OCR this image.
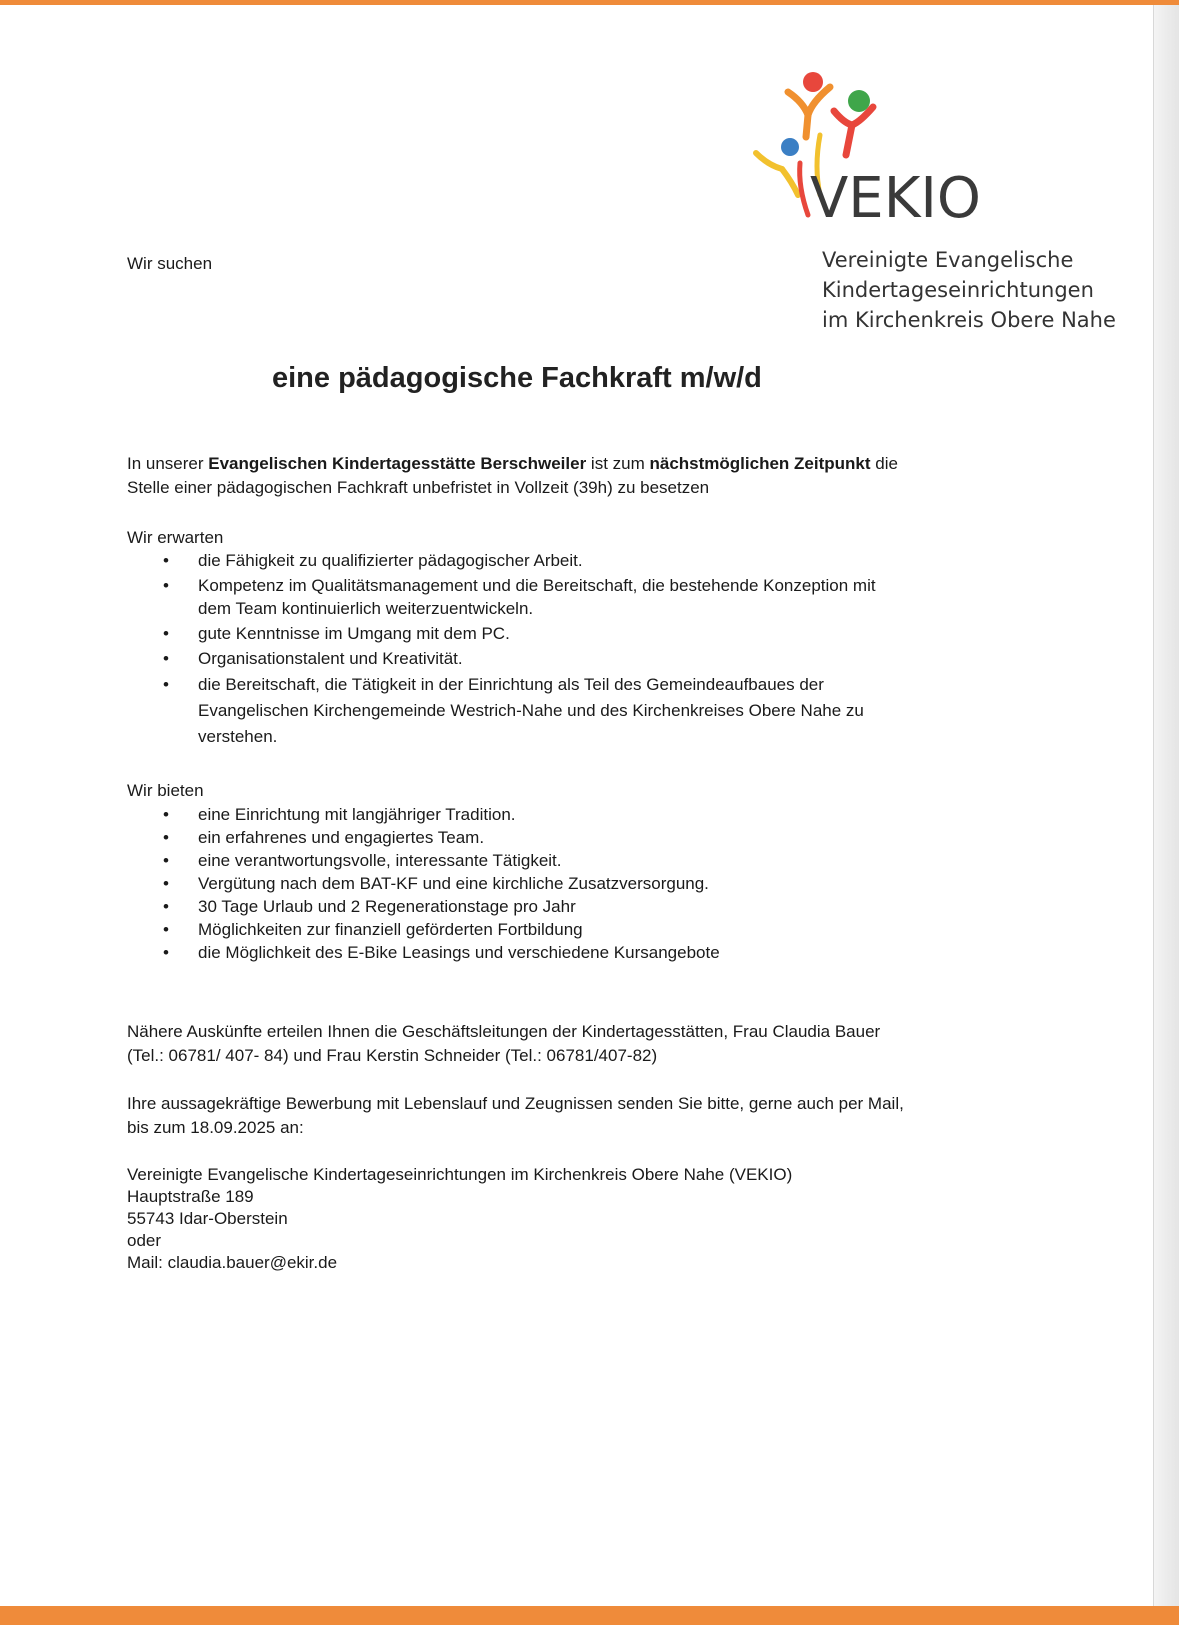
VEKIO
Vereinigte Evangelische
Kindertageseinrichtungen
im Kirchenkreis Obere Nahe
Wir suchen
eine pädagogische Fachkraft m/w/d
In unserer Evangelischen Kindertagesstätte Berschweiler ist zum nächstmöglichen Zeitpunkt die
Stelle einer pädagogischen Fachkraft unbefristet in Vollzeit (39h) zu besetzen
Wir erwarten
• die Fähigkeit zu qualifizierter pädagogischer Arbeit.
• Kompetenz im Qualitätsmanagement und die Bereitschaft, die bestehende Konzeption mit
dem Team kontinuierlich weiterzuentwickeln.
• gute Kenntnisse im Umgang mit dem PC.
• Organisationstalent und Kreativität.
• die Bereitschaft, die Tätigkeit in der Einrichtung als Teil des Gemeindeaufbaues der
Evangelischen Kirchengemeinde Westrich-Nahe und des Kirchenkreises Obere Nahe zu
verstehen.
Wir bieten
• eine Einrichtung mit langjähriger Tradition.
• ein erfahrenes und engagiertes Team.
• eine verantwortungsvolle, interessante Tätigkeit.
• Vergütung nach dem BAT-KF und eine kirchliche Zusatzversorgung.
• 30 Tage Urlaub und 2 Regenerationstage pro Jahr
• Möglichkeiten zur finanziell geförderten Fortbildung
• die Möglichkeit des E-Bike Leasings und verschiedene Kursangebote
Nähere Auskünfte erteilen Ihnen die Geschäftsleitungen der Kindertagesstätten, Frau Claudia Bauer
(Tel.: 06781/ 407- 84) und Frau Kerstin Schneider (Tel.: 06781/407-82)
Ihre aussagekräftige Bewerbung mit Lebenslauf und Zeugnissen senden Sie bitte, gerne auch per Mail,
bis zum 18.09.2025 an:
Vereinigte Evangelische Kindertageseinrichtungen im Kirchenkreis Obere Nahe (VEKIO)
Hauptstraße 189
55743 Idar-Oberstein
oder
Mail: claudia.bauer@ekir.de
